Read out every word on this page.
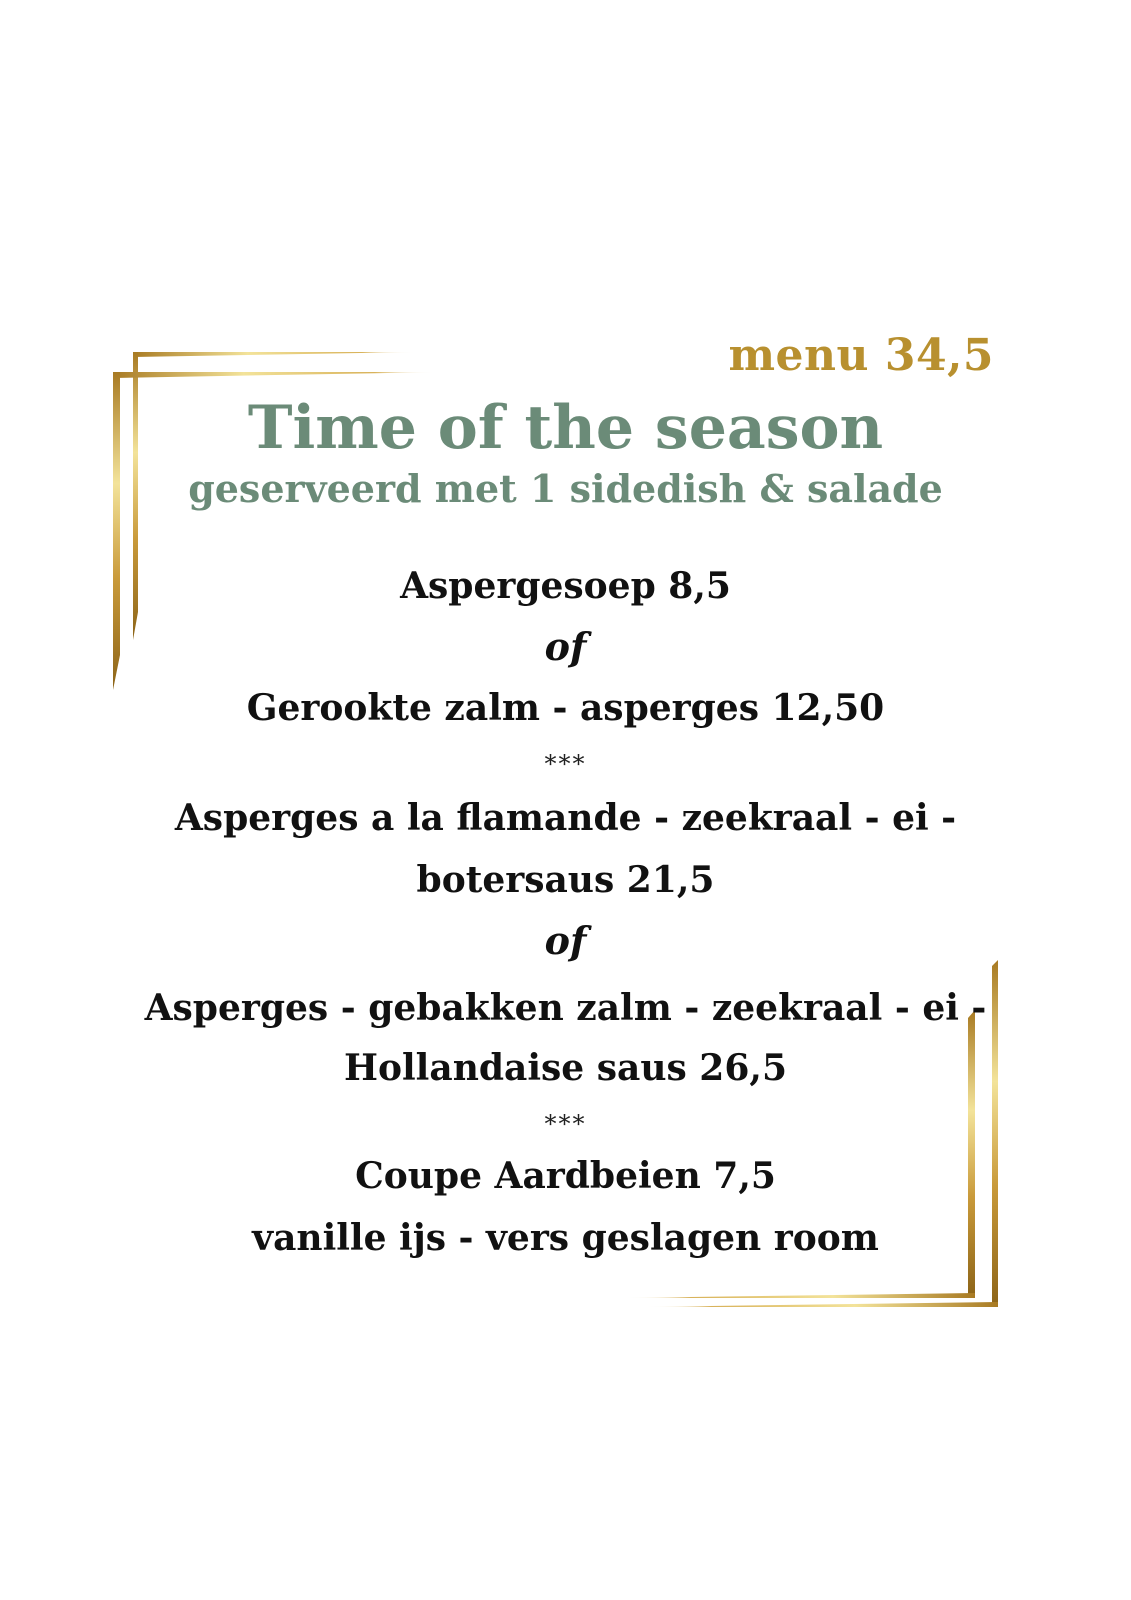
menu 34,5
Time of the season
geserveerd met 1 sidedish & salade
Aspergesoep 8,5
of
Gerookte zalm - asperges 12,50
***
Asperges a la flamande - zeekraal - ei -
botersaus 21,5
of
Asperges - gebakken zalm - zeekraal - ei -
Hollandaise saus 26,5
***
Coupe Aardbeien 7,5
vanille ijs - vers geslagen room
